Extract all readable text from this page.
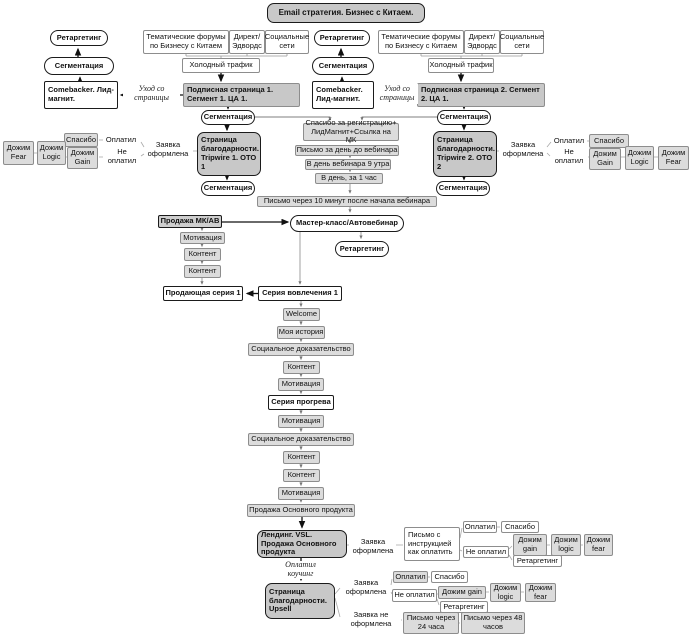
Email стратегия. Бизнес с Китаем.
Ретаргетинг
Сегментация
Comebacker. Лид-магнит.
Тематические форумы по Бизнесу с Китаем
Директ/Эдвордс
Социальные сети
Холодный трафик
Подписная страница 1. Сегмент 1. ЦА 1.
Уход со страницы
Сегментация
Страница благодарности. Tripwire 1. ОТО 1
Сегментация
Заявка оформлена
Оплатил
Не оплатил
Спасибо
Дожим Gain
Дожим Logic
Дожим Fear
Ретаргетинг
Сегментация
Comebacker. Лид-магнит.
Тематические форумы по Бизнесу с Китаем
Директ/Эдвордс
Социальные сети
Холодный трафик
Подписная страница 2. Сегмент 2. ЦА 1.
Уход со страницы
Сегментация
Страница благодарности. Tripwire 2. ОТО 2
Сегментация
Заявка оформлена
Оплатил
Не оплатил
Спасибо
Дожим Gain
Дожим Logic
Дожим Fear
Спасибо за регистрацию+ ЛидМагнит+Ссылка на МК
Письмо за день до вебинара
В день вебинара 9 утра
В день, за 1 час
Письмо через 10 минут после начала вебинара
Продажа МК/АВ	Мастер-класс/Автовебинар
Ретаргетинг
Мотивация
Контент
Контент
Продающая серия 1	Серия вовлечения 1
Welcome
Моя история
Социальное доказательство
Контент
Мотивация
Серия прогрева
Мотивация
Социальное доказательство
Контент
Контент
Мотивация
Продажа Основного продукта
Лендинг. VSL. Продажа Основного продукта
Заявка оформлена
Письмо с инструкцией как оплатить
Оплатил	Спасибо
Не оплатил
Дожим gain
Дожим logic
Дожим fear
Ретаргетинг
Оплатил коучинг
Страница благодарности. Upsell
Заявка оформлена
Оплатил	Спасибо
Не оплатил Дожим gain	Дожим logic
Дожим fear
Ретаргетинг
Заявка не оформлена
Письмо через 24 часа
Письмо через 48 часов
